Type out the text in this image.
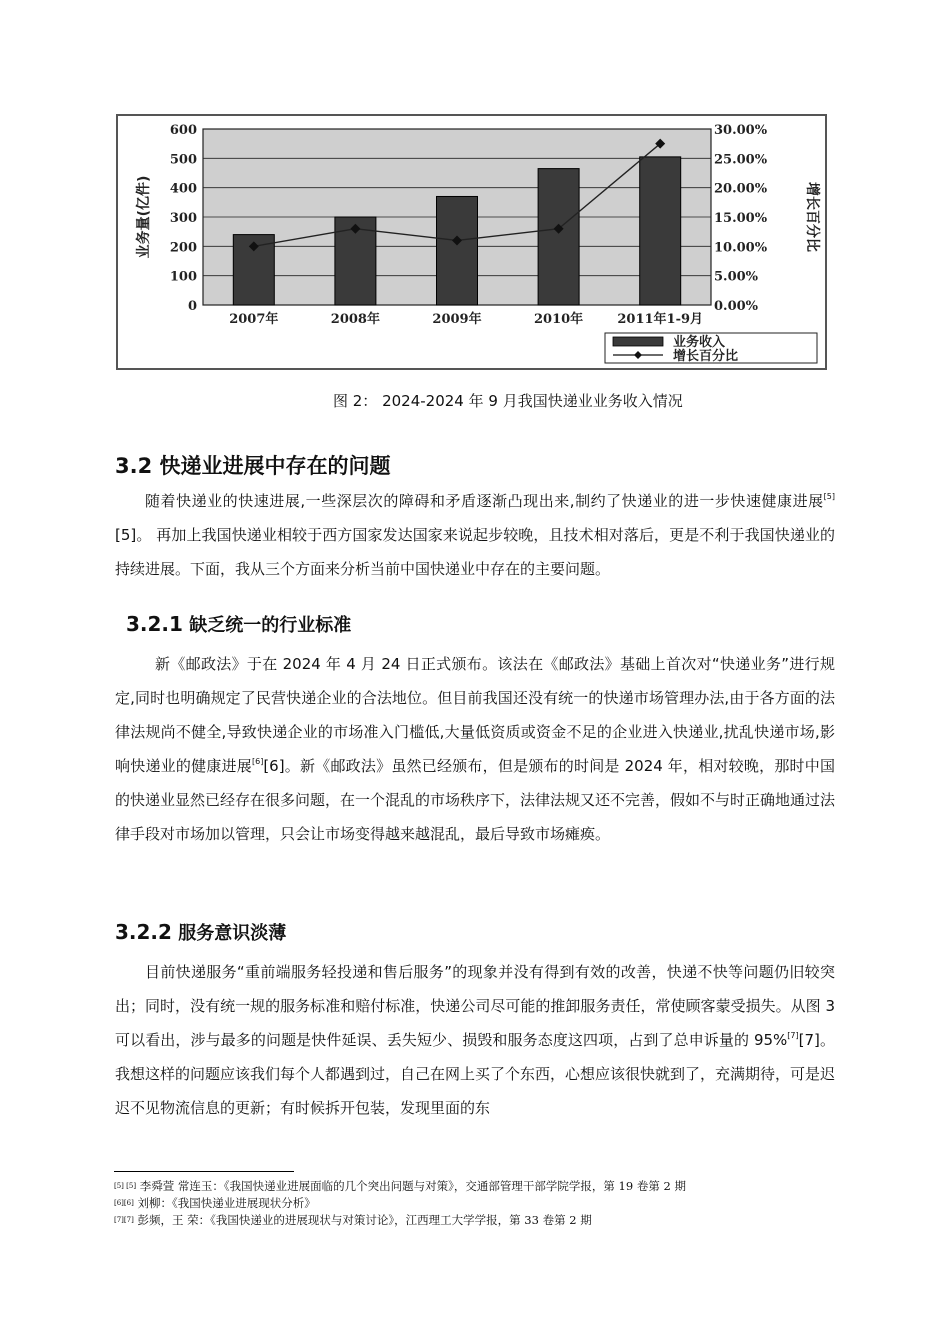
0
100
200
300
400
500
600
0.00%
5.00%
10.00%
15.00%
20.00%
25.00%
30.00%
2007年	2008年	2009年	2010年	2011年1-9月
业务量(亿件)	增长百分比
业务收入
增长百分比
图 2： 2024-2024 年 9 月我国快递业业务收入情况
3.2 快递业进展中存在的问题

随着快递业的快速进展,一些深层次的障碍和矛盾逐渐凸现出来,制约了快递业的进一步快速健康进展[5][5]。 再加上我国快递业相较于西方国家发达国家来说起步较晚，且技术相对落后，更是不利于我国快递业的持续进展。下面，我从三个方面来分析当前中国快递业中存在的主要问题。

3.2.1 缺乏统一的行业标准

新《邮政法》于在 2024 年 4 月 24 日正式颁布。该法在《邮政法》基础上首次对“快递业务”进行规定,同时也明确规定了民营快递企业的合法地位。但目前我国还没有统一的快递市场管理办法,由于各方面的法律法规尚不健全,导致快递企业的市场准入门槛低,大量低资质或资金不足的企业进入快递业,扰乱快递市场,影响快递业的健康进展[6][6]。新《邮政法》虽然已经颁布，但是颁布的时间是 2024 年，相对较晚，那时中国的快递业显然已经存在很多问题，在一个混乱的市场秩序下，法律法规又还不完善，假如不与时正确地通过法律手段对市场加以管理，只会让市场变得越来越混乱，最后导致市场瘫痪。

3.2.2 服务意识淡薄

目前快递服务“重前端服务轻投递和售后服务”的现象并没有得到有效的改善，快递不快等问题仍旧较突出；同时，没有统一规的服务标准和赔付标准，快递公司尽可能的推卸服务责任，常使顾客蒙受损失。从图 3 可以看出，涉与最多的问题是快件延误、丢失短少、损毁和服务态度这四项，占到了总申诉量的 95%[7][7]。我想这样的问题应该我们每个人都遇到过，自己在网上买了个东西，心想应该很快就到了，充满期待，可是迟迟不见物流信息的更新；有时候拆开包装，发现里面的东

[5] [5] 李舜萱 常连玉：《我国快递业进展面临的几个突出问题与对策》，交通部管理干部学院学报，第 19 卷第 2 期
[6][6] 刘柳：《我国快递业进展现状分析》
[7][7] 彭频，王 荣：《我国快递业的进展现状与对策讨论》，江西理工大学学报，第 33 卷第 2 期
